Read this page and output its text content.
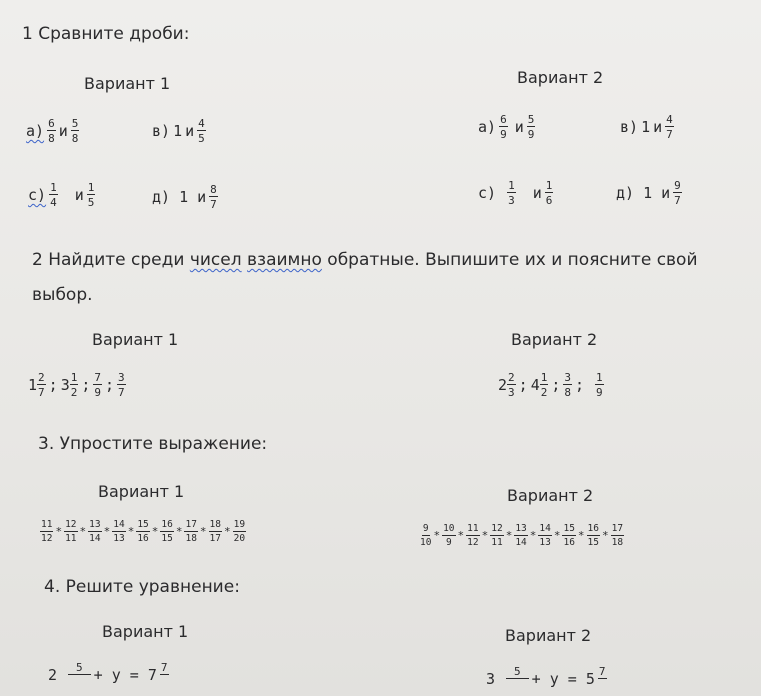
1 Сравните дроби:
Вариант 1	Вариант 2
$а) \frac{6}{8}$ и $\frac{5}{8}$	в) 1 и $\frac{4}{5}$
$с) \frac{1}{4}$ и $\frac{1}{5}$	д) 1 и $\frac{8}{7}$
$а) \frac{6}{9}$ и $\frac{5}{9}$	в) 1 и $\frac{4}{7}$
$с) \frac{1}{3}$ и $\frac{1}{6}$	д) 1 и $\frac{9}{7}$
2 Найдите среди чисел взаимно обратные. Выпишите их и поясните свой
выбор.
Вариант 1	Вариант 2
$1 \frac{2}{7}$ ; $3 \frac{1}{2}$ ; $\frac{7}{9}$ ; $\frac{3}{7}$	$2 \frac{2}{3}$ ; $4 \frac{1}{2}$ ; $\frac{3}{8}$ ; $\frac{1}{9}$
3. Упростите выражение:
Вариант 1	Вариант 2
$\frac{11}{12} * \frac{12}{11} * \frac{13}{14} * \frac{14}{13} * \frac{15}{16} * \frac{16}{15} * \frac{17}{18} * \frac{18}{17} * \frac{19}{20}$	$\frac{9}{10} * \frac{10}{9} * \frac{11}{12} * \frac{12}{11} * \frac{13}{14} * \frac{14}{13} * \frac{15}{16} * \frac{16}{15} * \frac{17}{18}$
4. Решите уравнение:
Вариант 1	Вариант 2
2	5
+ y = 7 7

3	5
+ y = 5 7
